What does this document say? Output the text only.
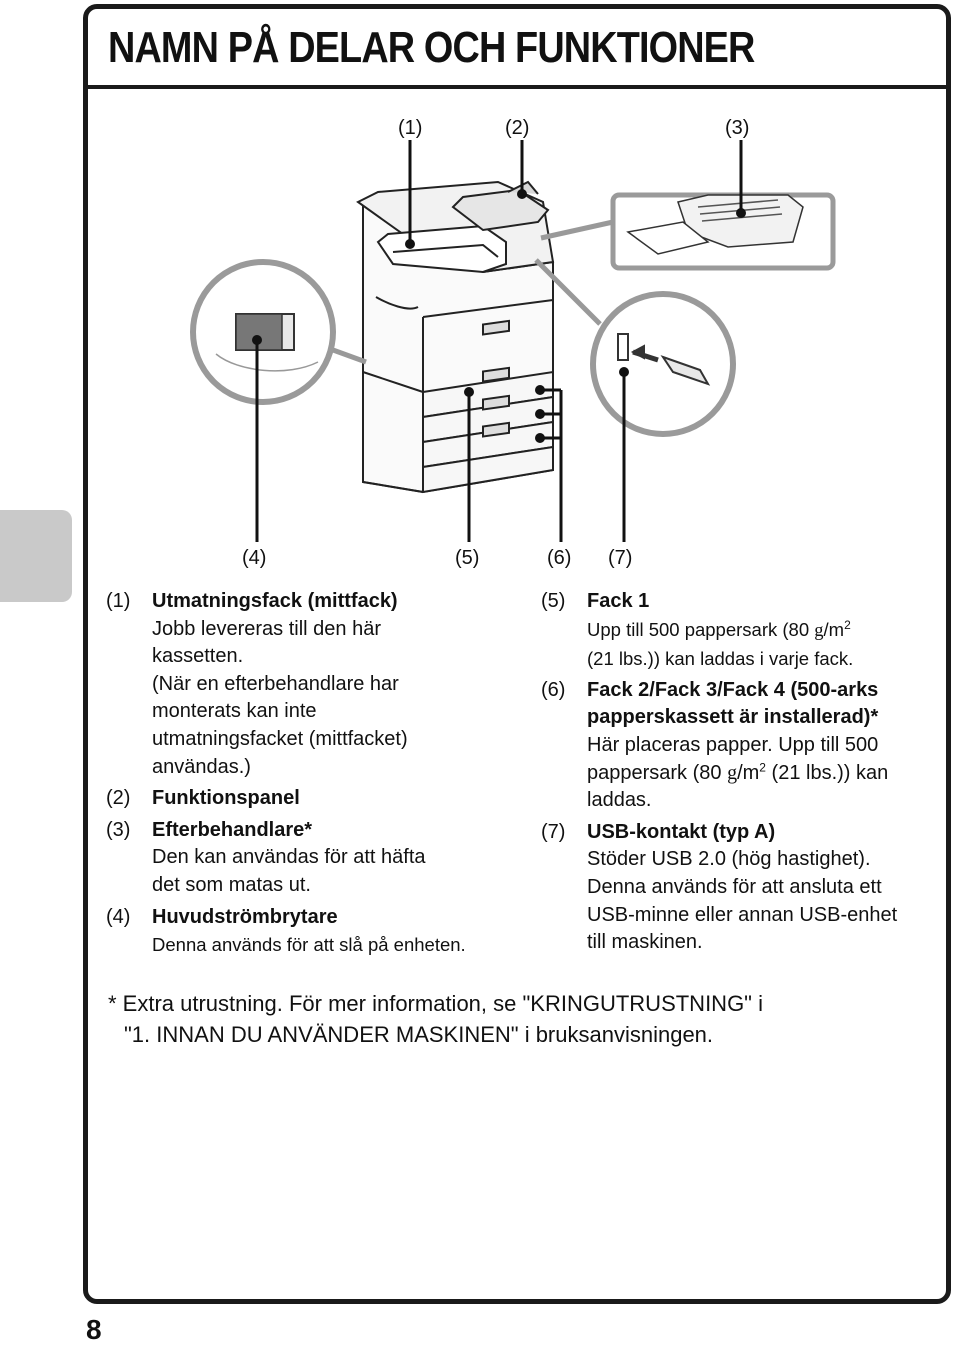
NAMN PÅ DELAR OCH FUNKTIONER
(1)	(2)	(3)
(4)	(5)	(6) (7)
(1)	Utmatningsfack (mittfack)
Jobb levereras till den här
kassetten.
(När en efterbehandlare har
monterats kan inte
utmatningsfacket (mittfacket)
användas.)
(2)	Funktionspanel
(3)	Efterbehandlare*
Den kan användas för att häfta
det som matas ut.
(4)	Huvudströmbrytare
Denna används för att slå på enheten.
(5)	Fack 1
Upp till 500 pappersark (80 $g/m^2$
(21 lbs.)) kan laddas i varje fack.
(6)	Fack 2/Fack 3/Fack 4 (500-arks
papperskassett är installerad)*
Här placeras papper. Upp till 500
pappersark (80 $g/m^2$ (21 lbs.)) kan
laddas.
(7)	USB-kontakt (typ A)
Stöder USB 2.0 (hög hastighet).
Denna används för att ansluta ett
USB-minne eller annan USB-enhet
till maskinen.
* Extra utrustning. För mer information, se "KRINGUTRUSTNING" i
"1. INNAN DU ANVÄNDER MASKINEN" i bruksanvisningen.
8
